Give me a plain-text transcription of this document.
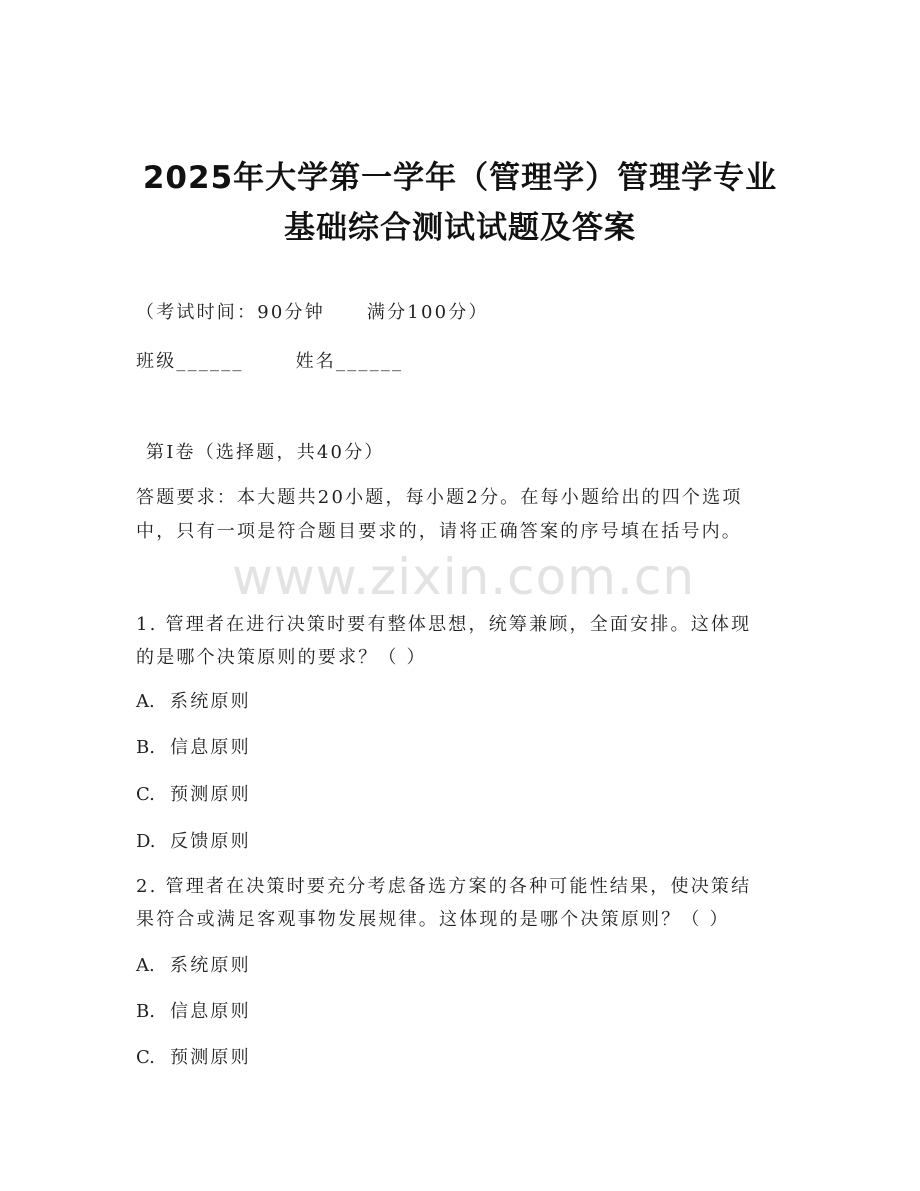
2025年大学第一学年（管理学）管理学专业
基础综合测试试题及答案
（考试时间：90分钟 满分100分）
班级______	姓名______
第Ⅰ卷（选择题，共40分）
答题要求：本大题共20小题，每小题2分。在每小题给出的四个选项
中，只有一项是符合题目要求的，请将正确答案的序号填在括号内。
www.zixin.com.cn
1. 管理者在进行决策时要有整体思想，统筹兼顾，全面安排。这体现
的是哪个决策原则的要求？（ ）
A. 系统原则
B. 信息原则
C. 预测原则
D. 反馈原则
2. 管理者在决策时要充分考虑备选方案的各种可能性结果，使决策结
果符合或满足客观事物发展规律。这体现的是哪个决策原则？（ ）
A. 系统原则
B. 信息原则
C. 预测原则
